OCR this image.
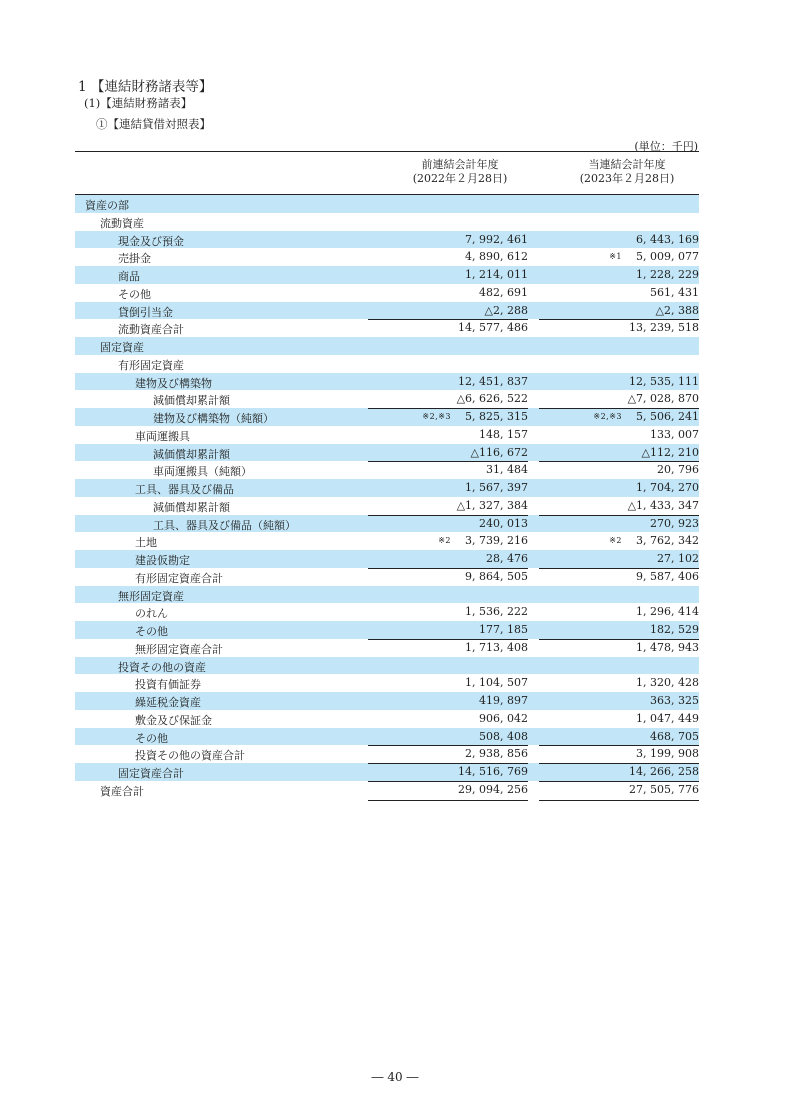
1 【連結財務諸表等】
(1)【連結財務諸表】
①【連結貸借対照表】
(単位：千円)
前連結会計年度
(2022年２月28日)
当連結会計年度
(2023年２月28日)
資産の部
流動資産
現金及び預金	7, 992, 461	6, 443, 169
売掛金	4, 890, 612	※1 5, 009, 077
商品	1, 214, 011	1, 228, 229
その他	482, 691	561, 431
貸倒引当金	△2, 288	△2, 388
流動資産合計	14, 577, 486	13, 239, 518
固定資産
有形固定資産
建物及び構築物	12, 451, 837	12, 535, 111
減価償却累計額	△6, 626, 522	△7, 028, 870
建物及び構築物（純額）	※2,※3 5, 825, 315	※2,※3 5, 506, 241
車両運搬具	148, 157	133, 007
減価償却累計額	△116, 672	△112, 210
車両運搬具（純額）	31, 484	20, 796
工具、器具及び備品	1, 567, 397	1, 704, 270
減価償却累計額	△1, 327, 384	△1, 433, 347
工具、器具及び備品（純額）	240, 013	270, 923
土地	※2 3, 739, 216	※2 3, 762, 342
建設仮勘定	28, 476	27, 102
有形固定資産合計	9, 864, 505	9, 587, 406
無形固定資産
のれん	1, 536, 222	1, 296, 414
その他	177, 185	182, 529
無形固定資産合計	1, 713, 408	1, 478, 943
投資その他の資産
投資有価証券	1, 104, 507	1, 320, 428
繰延税金資産	419, 897	363, 325
敷金及び保証金	906, 042	1, 047, 449
その他	508, 408	468, 705
投資その他の資産合計	2, 938, 856	3, 199, 908
固定資産合計	14, 516, 769	14, 266, 258
資産合計	29, 094, 256	27, 505, 776
― 40 ―
